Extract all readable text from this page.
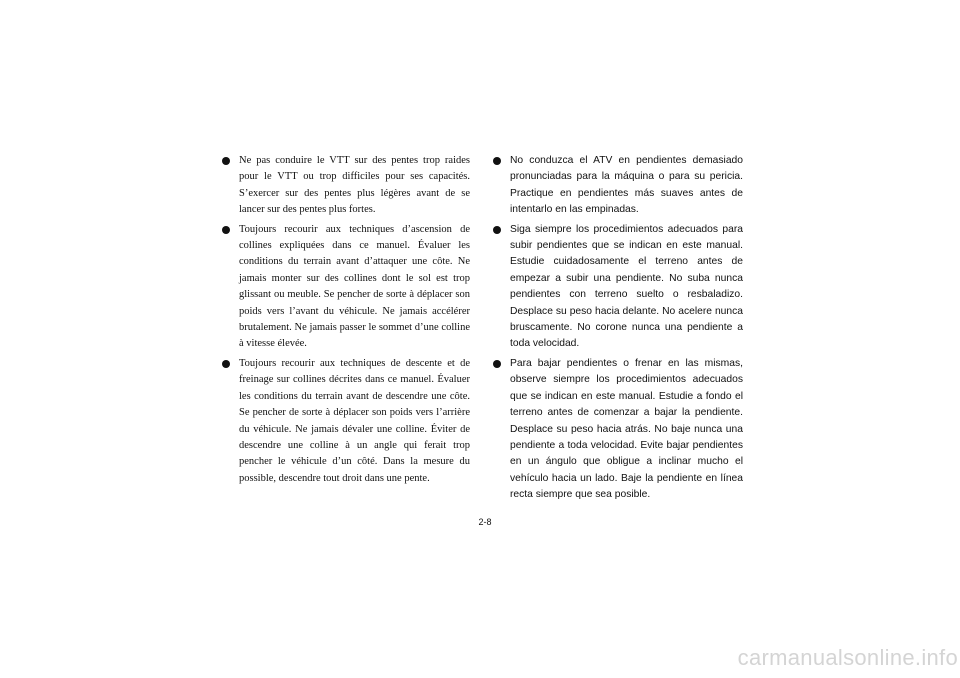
Ne pas conduire le VTT sur des pentes trop raides pour le VTT ou trop difficiles pour ses capacités. S’exercer sur des pentes plus légères avant de se lancer sur des pentes plus fortes.
Toujours recourir aux techniques d’ascension de collines expliquées dans ce manuel. Évaluer les conditions du terrain avant d’attaquer une côte. Ne jamais monter sur des collines dont le sol est trop glissant ou meuble. Se pencher de sorte à déplacer son poids vers l’avant du véhicule. Ne jamais accélérer brutalement. Ne jamais passer le sommet d’une colline à vitesse élevée.
Toujours recourir aux techniques de descente et de freinage sur collines décrites dans ce manuel. Évaluer les conditions du terrain avant de descendre une côte. Se pencher de sorte à déplacer son poids vers l’arrière du véhicule. Ne jamais dévaler une colline. Éviter de descendre une colline à un angle qui ferait trop pencher le véhicule d’un côté. Dans la mesure du possible, descendre tout droit dans une pente.
No conduzca el ATV en pendientes demasiado pronunciadas para la máquina o para su pericia. Practique en pendientes más suaves antes de intentarlo en las empinadas.
Siga siempre los procedimientos adecuados para subir pendientes que se indican en este manual. Estudie cuidadosamente el terreno antes de empezar a subir una pendiente. No suba nunca pendientes con terreno suelto o resbaladizo. Desplace su peso hacia delante. No acelere nunca bruscamente. No corone nunca una pendiente a toda velocidad.
Para bajar pendientes o frenar en las mismas, observe siempre los procedimientos adecuados que se indican en este manual. Estudie a fondo el terreno antes de comenzar a bajar la pendiente. Desplace su peso hacia atrás. No baje nunca una pendiente a toda velocidad. Evite bajar pendientes en un ángulo que obligue a inclinar mucho el vehículo hacia un lado. Baje la pendiente en línea recta siempre que sea posible.
2-8
carmanualsonline.info
